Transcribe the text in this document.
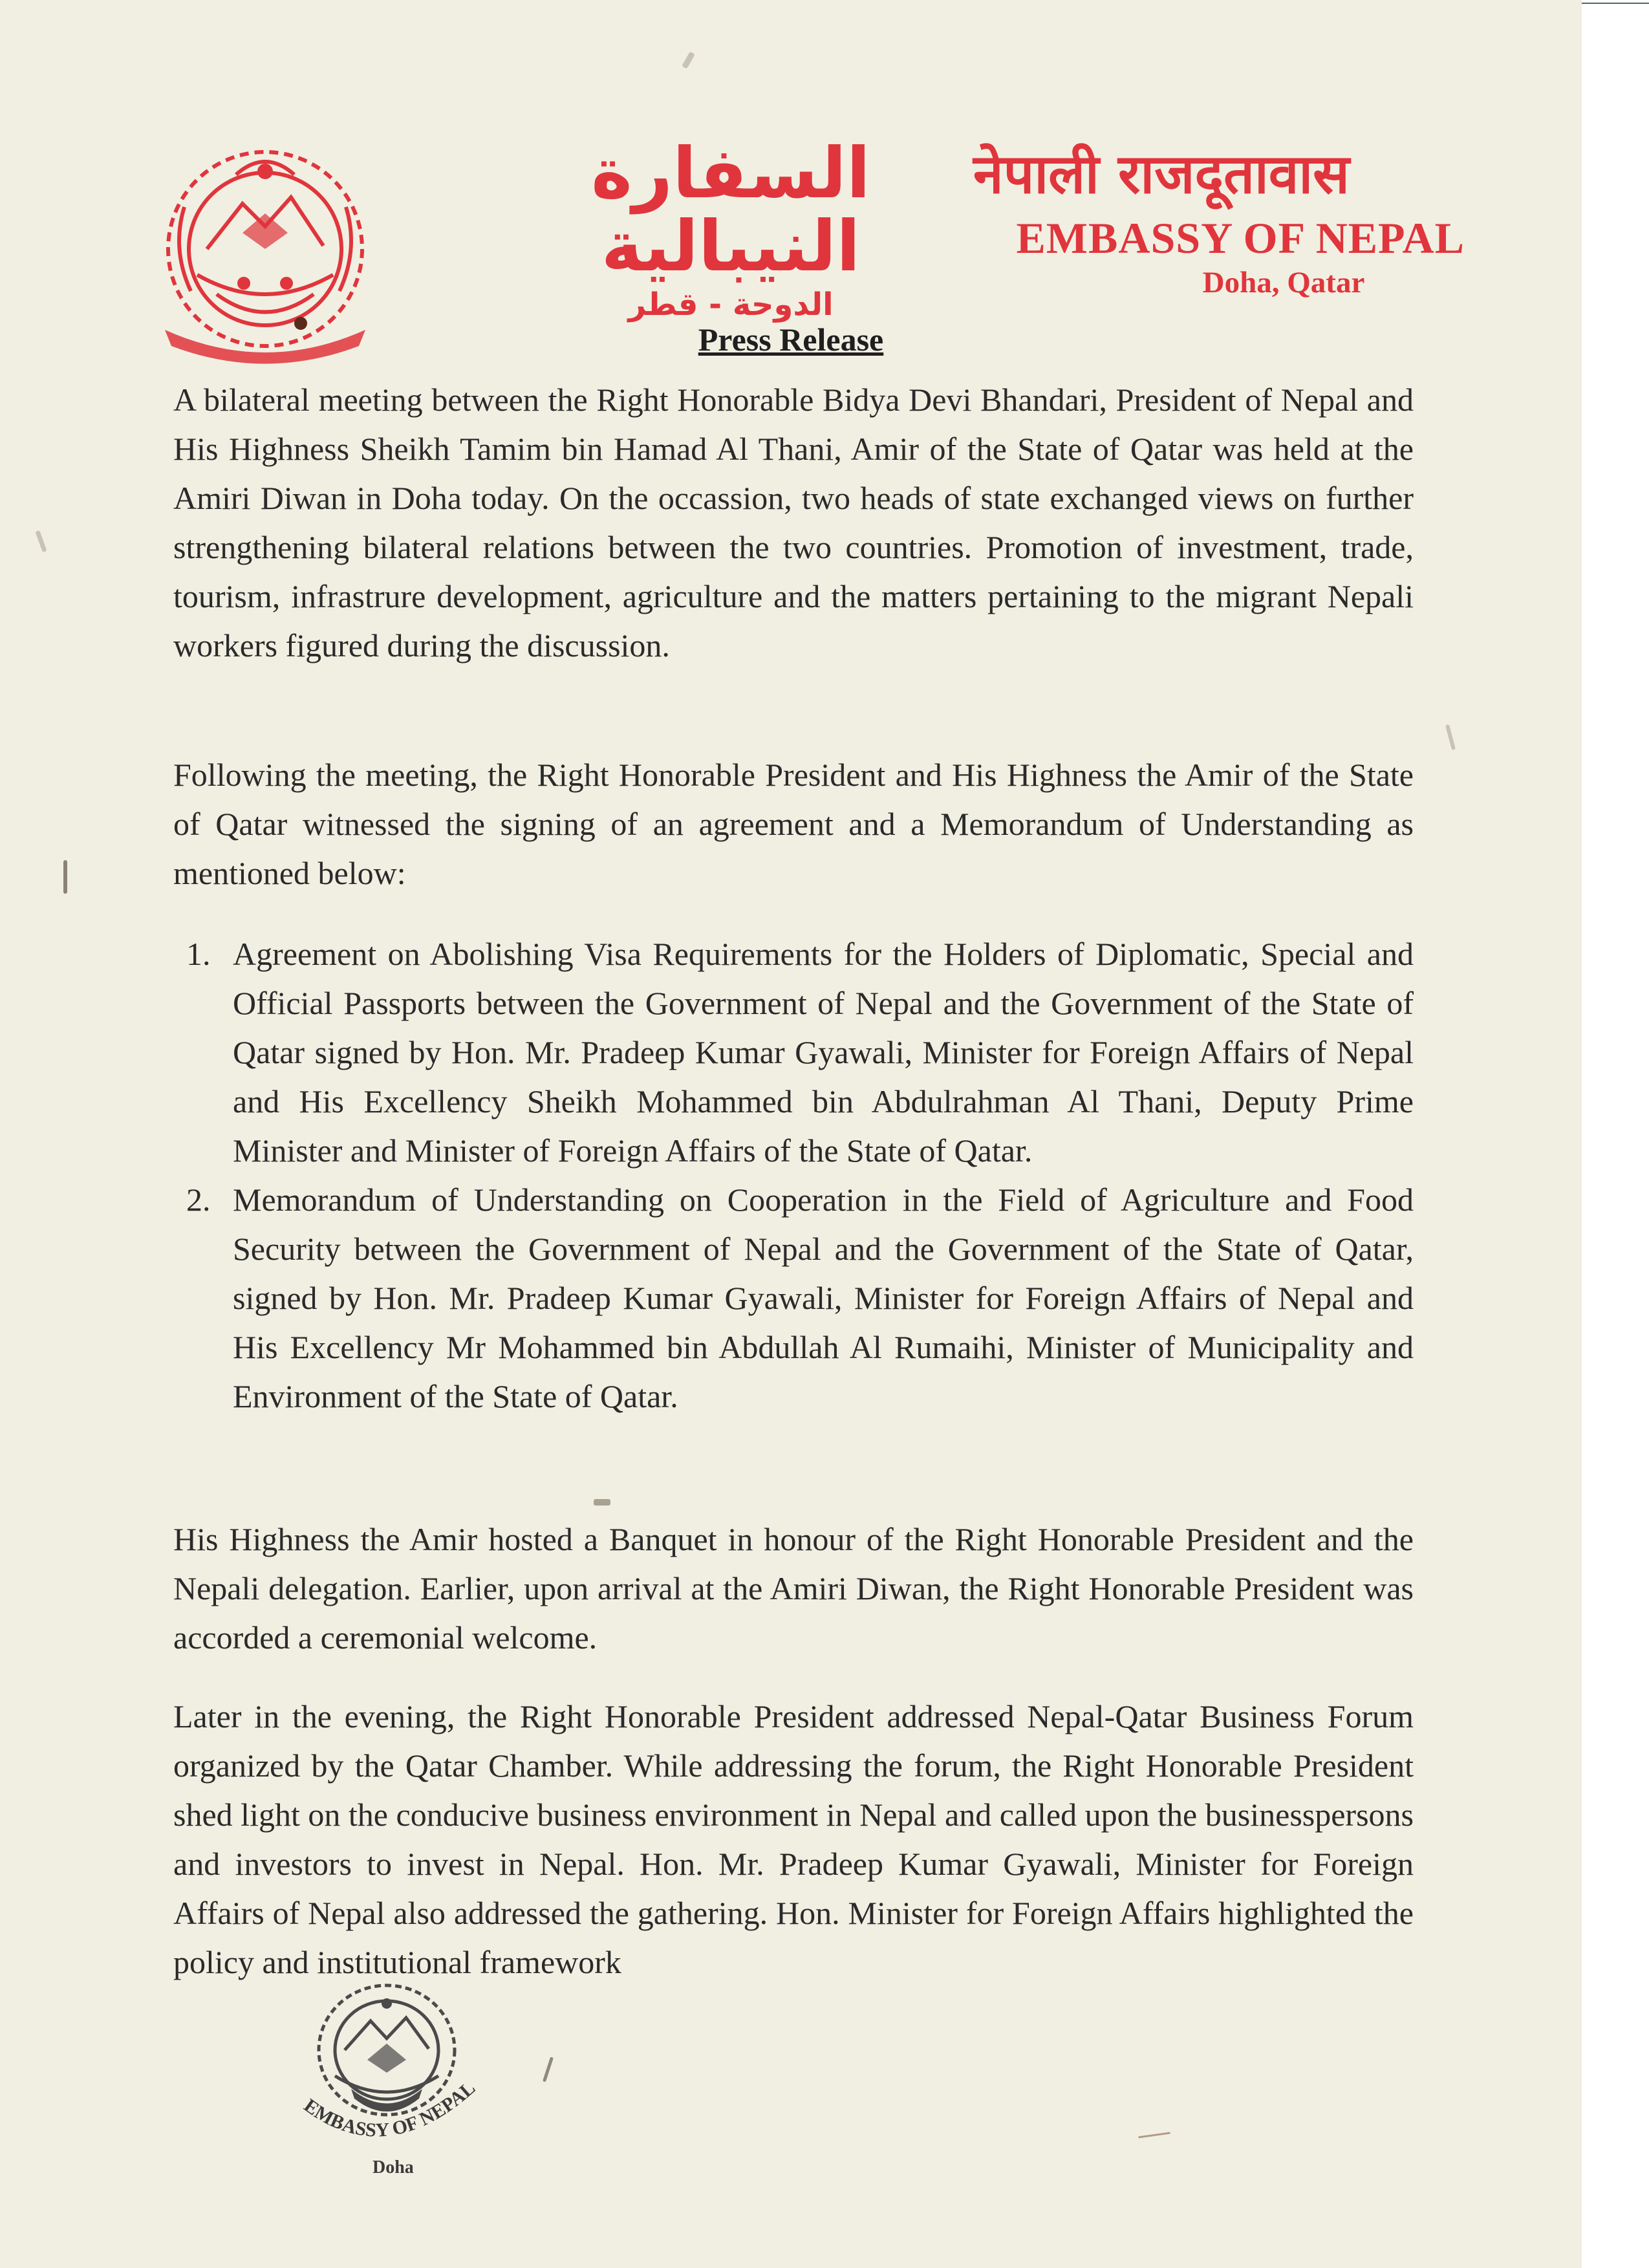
السفارة النيبالية
الدوحة - قطر
नेपाली राजदूतावास
EMBASSY OF NEPAL
Doha, Qatar
Press Release

A bilateral meeting between the Right Honorable Bidya Devi Bhandari, President of Nepal and His Highness Sheikh Tamim bin Hamad Al Thani, Amir of the State of Qatar was held at the Amiri Diwan in Doha today. On the occassion, two heads of state exchanged views on further strengthening bilateral relations between the two countries. Promotion of investment, trade, tourism, infrastrure development, agriculture and the matters pertaining to the migrant Nepali workers figured during the discussion.

Following the meeting, the Right Honorable President and His Highness the Amir of the State of Qatar witnessed the signing of an agreement and a Memorandum of Understanding as mentioned below:

1. Agreement on Abolishing Visa Requirements for the Holders of Diplomatic, Special and Official Passports between the Government of Nepal and the Government of the State of Qatar signed by Hon. Mr. Pradeep Kumar Gyawali, Minister for Foreign Affairs of Nepal and His Excellency Sheikh Mohammed bin Abdulrahman Al Thani, Deputy Prime Minister and Minister of Foreign Affairs of the State of Qatar.
2. Memorandum of Understanding on Cooperation in the Field of Agriculture and Food Security between the Government of Nepal and the Government of the State of Qatar, signed by Hon. Mr. Pradeep Kumar Gyawali, Minister for Foreign Affairs of Nepal and His Excellency Mr Mohammed bin Abdullah Al Rumaihi, Minister of Municipality and Environment of the State of Qatar.

His Highness the Amir hosted a Banquet in honour of the Right Honorable President and the Nepali delegation. Earlier, upon arrival at the Amiri Diwan, the Right Honorable President was accorded a ceremonial welcome.

Later in the evening, the Right Honorable President addressed Nepal-Qatar Business Forum organized by the Qatar Chamber. While addressing the forum, the Right Honorable President shed light on the conducive business environment in Nepal and called upon the businesspersons and investors to invest in Nepal. Hon. Mr. Pradeep Kumar Gyawali, Minister for Foreign Affairs of Nepal also addressed the gathering. Hon. Minister for Foreign Affairs highlighted the policy and institutional framework

EMBASSY OF NEPAL
Doha
